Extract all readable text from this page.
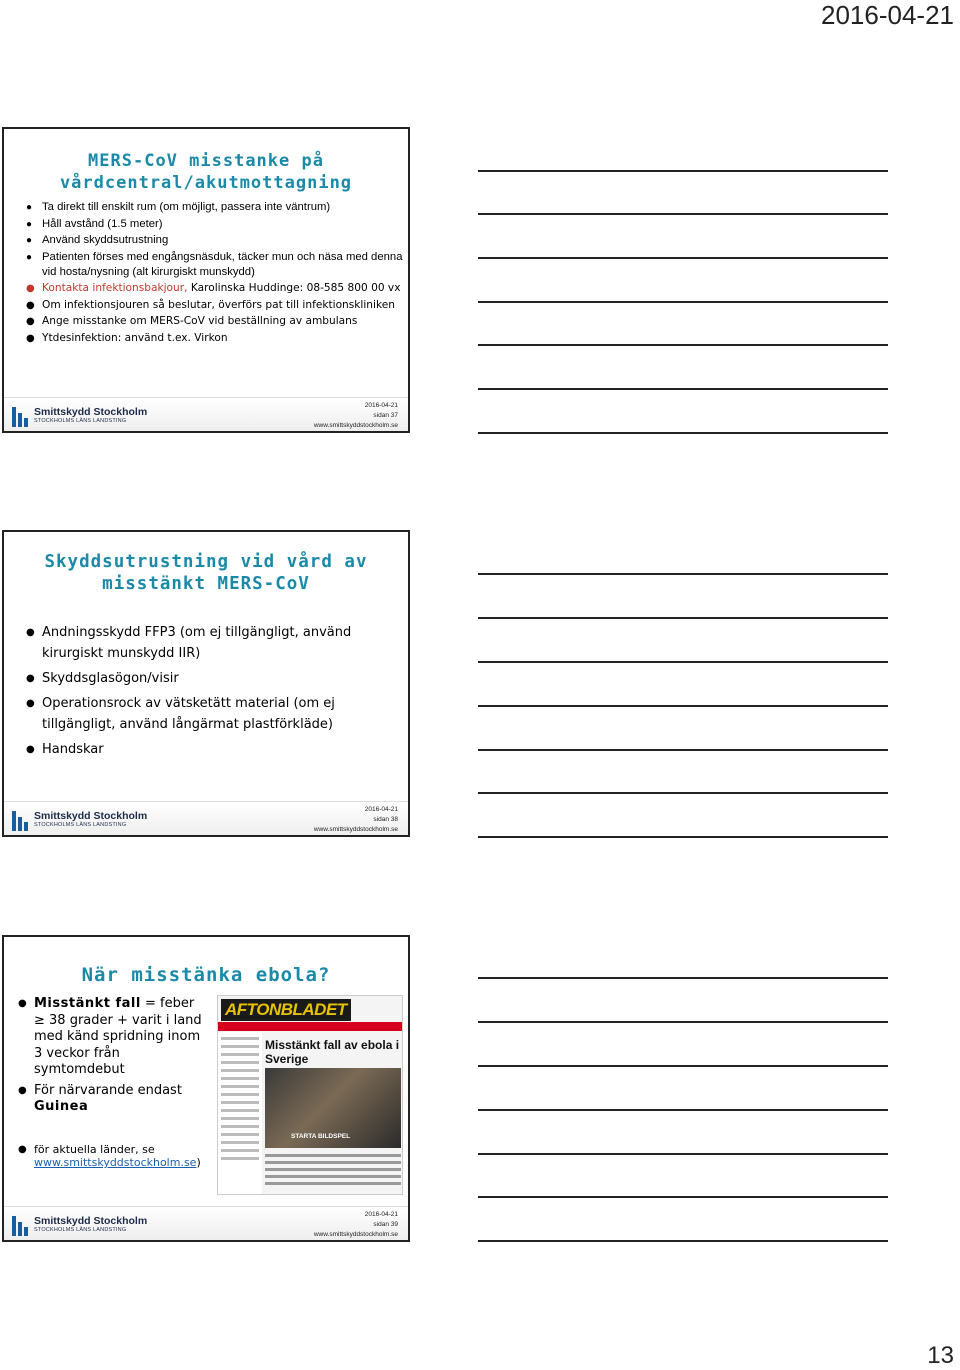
2016-04-21
MERS-CoV misstanke på
vårdcentral/akutmottagning
● Ta direkt till enskilt rum (om möjligt, passera inte väntrum)
● Håll avstånd (1.5 meter)
● Använd skyddsutrustning
● Patienten förses med engångsnäsduk, täcker mun och näsa med denna vid hosta/nysning (alt kirurgiskt munskydd)
● Kontakta infektionsbakjour, Karolinska Huddinge: 08-585 800 00 vx
● Om infektionsjouren så beslutar, överförs pat till infektionskliniken
● Ange misstanke om MERS-CoV vid beställning av ambulans
● Ytdesinfektion: använd t.ex. Virkon
Smittskydd Stockholm
STOCKHOLMS LÄNS LANDSTING
2016-04-21
sidan 37
www.smittskyddstockholm.se
Skyddsutrustning vid vård av
misstänkt MERS-CoV
● Andningsskydd FFP3 (om ej tillgängligt, använd kirurgiskt munskydd IIR)
● Skyddsglasögon/visir
● Operationsrock av vätsketätt material (om ej tillgängligt, använd långärmat plastförkläde)
● Handskar
Smittskydd Stockholm
STOCKHOLMS LÄNS LANDSTING
2016-04-21
sidan 38
www.smittskyddstockholm.se
När misstänka ebola?
● Misstänkt fall = feber ≥ 38 grader + varit i land med känd spridning inom 3 veckor från symtomdebut
● För närvarande endast Guinea
● för aktuella länder, se
www.smittskyddstockholm.se)
AFTONBLADET
Misstänkt fall av ebola i Sverige
STARTA BILDSPEL
Smittskydd Stockholm
STOCKHOLMS LÄNS LANDSTING
2016-04-21
sidan 39
www.smittskyddstockholm.se
13
